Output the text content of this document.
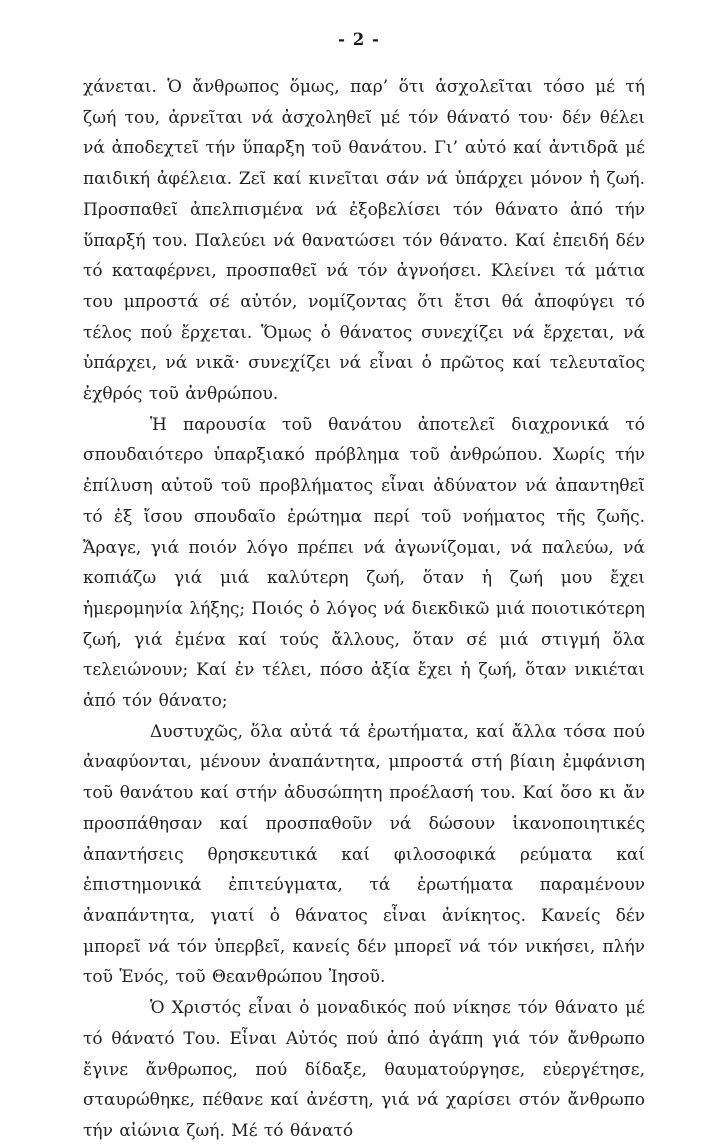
- 2 -

χάνεται. Ὁ ἄνθρωπος ὅμως, παρ’ ὅτι ἀσχολεῖται τόσο μέ τή ζωή του, ἀρνεῖται νά ἀσχοληθεῖ μέ τόν θάνατό του· δέν θέλει νά ἀποδεχτεῖ τήν ὕπαρξη τοῦ θανάτου. Γι’ αὐτό καί ἀντιδρᾶ μέ παιδική ἀφέλεια. Ζεῖ καί κινεῖται σάν νά ὑπάρχει μόνον ἡ ζωή. Προσπαθεῖ ἀπελπισμένα νά ἐξοβελίσει τόν θάνατο ἀπό τήν ὕπαρξή του. Παλεύει νά θανατώσει τόν θάνατο. Καί ἐπειδή δέν τό καταφέρνει, προσπαθεῖ νά τόν ἀγνοήσει. Κλείνει τά μάτια του μπροστά σέ αὐτόν, νομίζοντας ὅτι ἔτσι θά ἀποφύγει τό τέλος πού ἔρχεται. Ὅμως ὁ θάνατος συνεχίζει νά ἔρχεται, νά ὑπάρχει, νά νικᾶ· συνεχίζει νά εἶναι ὁ πρῶτος καί τελευταῖος ἐχθρός τοῦ ἀνθρώπου.

Ἡ παρουσία τοῦ θανάτου ἀποτελεῖ διαχρονικά τό σπουδαιότερο ὑπαρξιακό πρόβλημα τοῦ ἀνθρώπου. Χωρίς τήν ἐπίλυση αὐτοῦ τοῦ προβλήματος εἶναι ἀδύνατον νά ἀπαντηθεῖ τό ἐξ ἴσου σπουδαῖο ἐρώτημα περί τοῦ νοήματος τῆς ζωῆς. Ἄραγε, γιά ποιόν λόγο πρέπει νά ἀγωνίζομαι, νά παλεύω, νά κοπιάζω γιά μιά καλύτερη ζωή, ὅταν ἡ ζωή μου ἔχει ἡμερομηνία λήξης; Ποιός ὁ λόγος νά διεκδικῶ μιά ποιοτικότερη ζωή, γιά ἐμένα καί τούς ἄλλους, ὅταν σέ μιά στιγμή ὅλα τελειώνουν; Καί ἐν τέλει, πόσο ἀξία ἔχει ἡ ζωή, ὅταν νικιέται ἀπό τόν θάνατο;

Δυστυχῶς, ὅλα αὐτά τά ἐρωτήματα, καί ἄλλα τόσα πού ἀναφύονται, μένουν ἀναπάντητα, μπροστά στή βίαιη ἐμφάνιση τοῦ θανάτου καί στήν ἀδυσώπητη προέλασή του. Καί ὅσο κι ἄν προσπάθησαν καί προσπαθοῦν νά δώσουν ἱκανοποιητικές ἀπαντήσεις θρησκευτικά καί φιλοσοφικά ρεύματα καί ἐπιστημονικά ἐπιτεύγματα, τά ἐρωτήματα παραμένουν ἀναπάντητα, γιατί ὁ θάνατος εἶναι ἀνίκητος. Κανείς δέν μπορεῖ νά τόν ὑπερβεῖ, κανείς δέν μπορεῖ νά τόν νικήσει, πλήν τοῦ Ἑνός, τοῦ Θεανθρώπου Ἰησοῦ.

Ὁ Χριστός εἶναι ὁ μοναδικός πού νίκησε τόν θάνατο μέ τό θάνατό Του. Εἶναι Αὐτός πού ἀπό ἀγάπη γιά τόν ἄνθρωπο ἔγινε ἄνθρωπος, πού δίδαξε, θαυματούργησε, εὐεργέτησε, σταυρώθηκε, πέθανε καί ἀνέστη, γιά νά χαρίσει στόν ἄνθρωπο τήν αἰώνια ζωή. Μέ τό θάνατό
